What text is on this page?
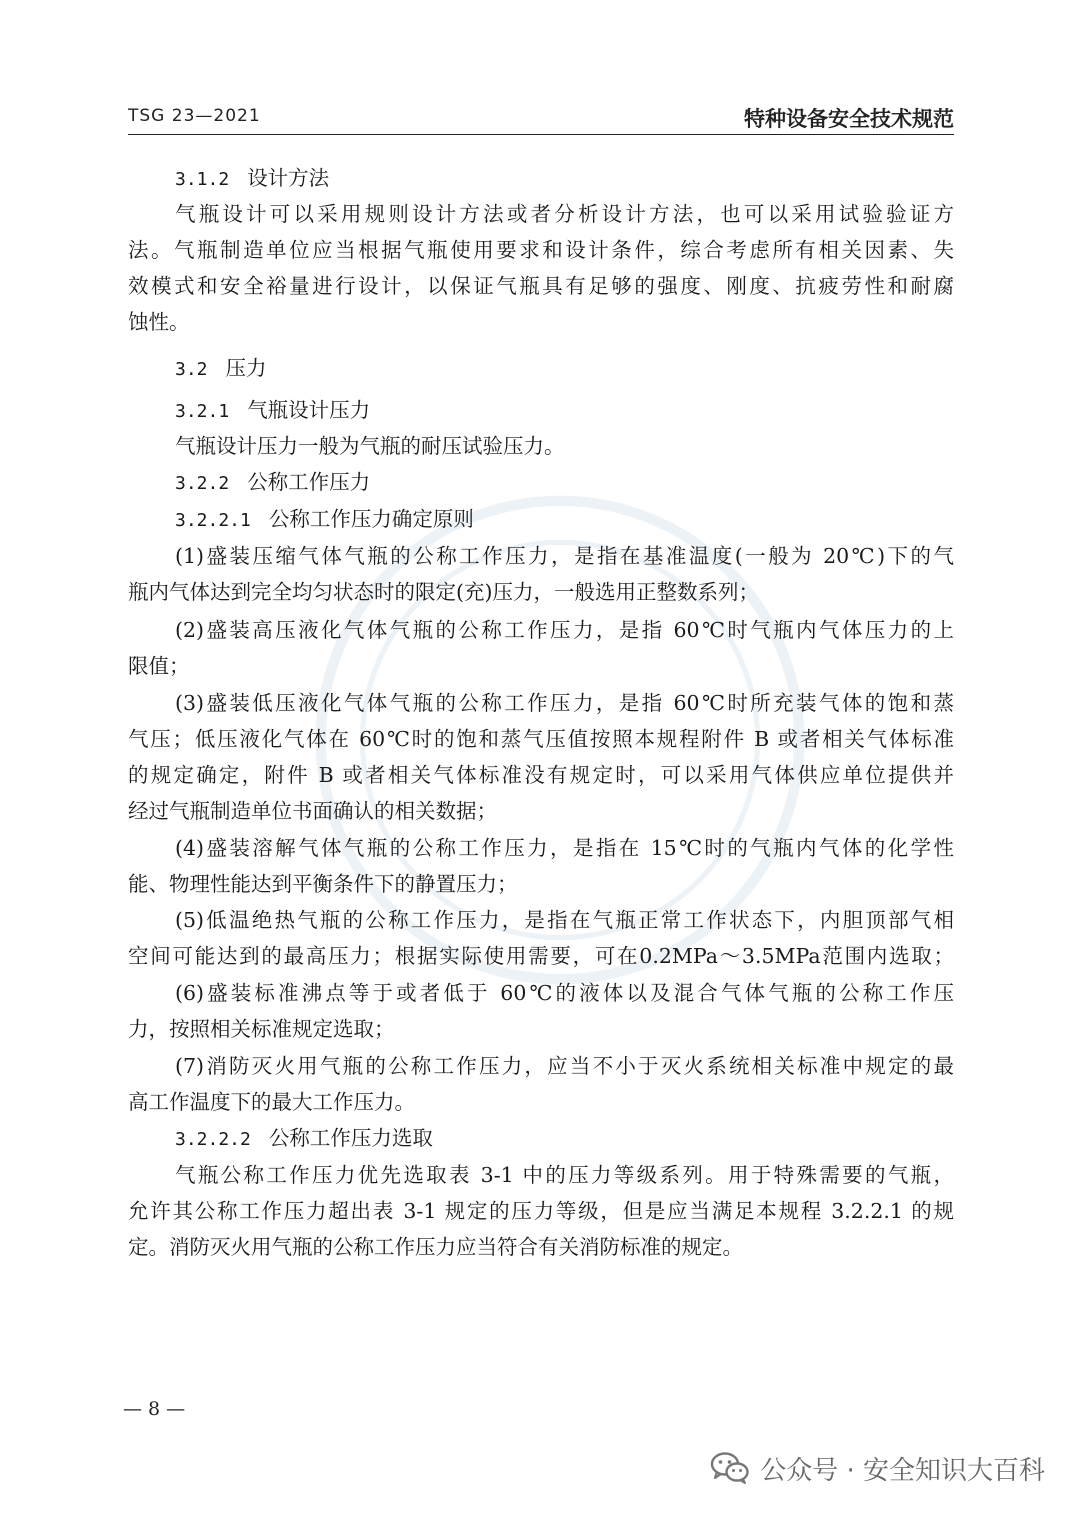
TSG 23—2021	特种设备安全技术规范
3.1.2 设计方法
气瓶设计可以采用规则设计方法或者分析设计方法，也可以采用试验验证方
法。气瓶制造单位应当根据气瓶使用要求和设计条件，综合考虑所有相关因素、失
效模式和安全裕量进行设计，以保证气瓶具有足够的强度、刚度、抗疲劳性和耐腐
蚀性。
3.2 压力
3.2.1 气瓶设计压力
气瓶设计压力一般为气瓶的耐压试验压力。
3.2.2 公称工作压力
3.2.2.1 公称工作压力确定原则
(1)盛装压缩气体气瓶的公称工作压力，是指在基准温度(一般为 20℃)下的气
瓶内气体达到完全均匀状态时的限定(充)压力，一般选用正整数系列；
(2)盛装高压液化气体气瓶的公称工作压力，是指 60℃时气瓶内气体压力的上
限值；
(3)盛装低压液化气体气瓶的公称工作压力，是指 60℃时所充装气体的饱和蒸
气压；低压液化气体在 60℃时的饱和蒸气压值按照本规程附件 B 或者相关气体标准
的规定确定，附件 B 或者相关气体标准没有规定时，可以采用气体供应单位提供并
经过气瓶制造单位书面确认的相关数据；
(4)盛装溶解气体气瓶的公称工作压力，是指在 15℃时的气瓶内气体的化学性
能、物理性能达到平衡条件下的静置压力；
(5)低温绝热气瓶的公称工作压力，是指在气瓶正常工作状态下，内胆顶部气相
空间可能达到的最高压力；根据实际使用需要，可在0.2MPa～3.5MPa范围内选取；
(6)盛装标准沸点等于或者低于 60℃的液体以及混合气体气瓶的公称工作压
力，按照相关标准规定选取；
(7)消防灭火用气瓶的公称工作压力，应当不小于灭火系统相关标准中规定的最
高工作温度下的最大工作压力。
3.2.2.2 公称工作压力选取
气瓶公称工作压力优先选取表 3-1 中的压力等级系列。用于特殊需要的气瓶，
允许其公称工作压力超出表 3-1 规定的压力等级，但是应当满足本规程 3.2.2.1 的规
定。消防灭火用气瓶的公称工作压力应当符合有关消防标准的规定。
— 8 —
公众号 · 安全知识大百科
